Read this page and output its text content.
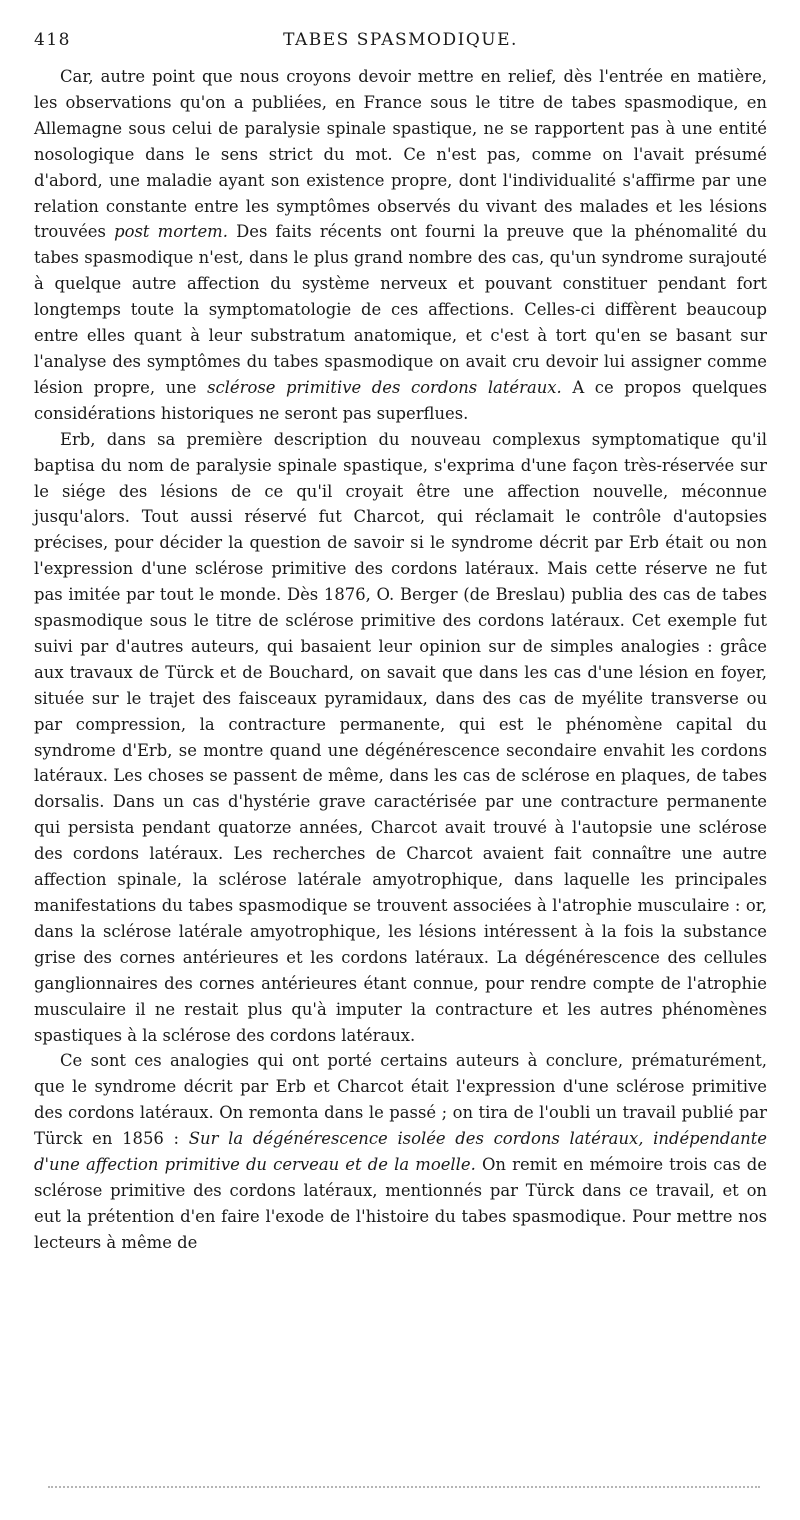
418	TABES SPASMODIQUE.

Car, autre point que nous croyons devoir mettre en relief, dès l'entrée en matière, les observations qu'on a publiées, en France sous le titre de tabes spasmodique, en Allemagne sous celui de paralysie spinale spastique, ne se rapportent pas à une entité nosologique dans le sens strict du mot. Ce n'est pas, comme on l'avait présumé d'abord, une maladie ayant son existence propre, dont l'individualité s'affirme par une relation constante entre les symptômes observés du vivant des malades et les lésions trouvées post mortem. Des faits récents ont fourni la preuve que la phénomalité du tabes spasmodique n'est, dans le plus grand nombre des cas, qu'un syndrome surajouté à quelque autre affection du système nerveux et pouvant constituer pendant fort longtemps toute la symptomatologie de ces affections. Celles-ci diffèrent beaucoup entre elles quant à leur substratum anatomique, et c'est à tort qu'en se basant sur l'analyse des symptômes du tabes spasmodique on avait cru devoir lui assigner comme lésion propre, une sclérose primitive des cordons latéraux. A ce propos quelques considérations historiques ne seront pas superflues.

Erb, dans sa première description du nouveau complexus symptomatique qu'il baptisa du nom de paralysie spinale spastique, s'exprima d'une façon très-réservée sur le siége des lésions de ce qu'il croyait être une affection nouvelle, méconnue jusqu'alors. Tout aussi réservé fut Charcot, qui réclamait le contrôle d'autopsies précises, pour décider la question de savoir si le syndrome décrit par Erb était ou non l'expression d'une sclérose primitive des cordons latéraux. Mais cette réserve ne fut pas imitée par tout le monde. Dès 1876, O. Berger (de Breslau) publia des cas de tabes spasmodique sous le titre de sclérose primitive des cordons latéraux. Cet exemple fut suivi par d'autres auteurs, qui basaient leur opinion sur de simples analogies : grâce aux travaux de Türck et de Bouchard, on savait que dans les cas d'une lésion en foyer, située sur le trajet des faisceaux pyramidaux, dans des cas de myélite transverse ou par compression, la contracture permanente, qui est le phénomène capital du syndrome d'Erb, se montre quand une dégénérescence secondaire envahit les cordons latéraux. Les choses se passent de même, dans les cas de sclérose en plaques, de tabes dorsalis. Dans un cas d'hystérie grave caractérisée par une contracture permanente qui persista pendant quatorze années, Charcot avait trouvé à l'autopsie une sclérose des cordons latéraux. Les recherches de Charcot avaient fait connaître une autre affection spinale, la sclérose latérale amyotrophique, dans laquelle les principales manifestations du tabes spasmodique se trouvent associées à l'atrophie musculaire : or, dans la sclérose latérale amyotrophique, les lésions intéressent à la fois la substance grise des cornes antérieures et les cordons latéraux. La dégénérescence des cellules ganglionnaires des cornes antérieures étant connue, pour rendre compte de l'atrophie musculaire il ne restait plus qu'à imputer la contracture et les autres phénomènes spastiques à la sclérose des cordons latéraux.

Ce sont ces analogies qui ont porté certains auteurs à conclure, prématurément, que le syndrome décrit par Erb et Charcot était l'expression d'une sclérose primitive des cordons latéraux. On remonta dans le passé ; on tira de l'oubli un travail publié par Türck en 1856 : Sur la dégénérescence isolée des cordons latéraux, indépendante d'une affection primitive du cerveau et de la moelle. On remit en mémoire trois cas de sclérose primitive des cordons latéraux, mentionnés par Türck dans ce travail, et on eut la prétention d'en faire l'exode de l'histoire du tabes spasmodique. Pour mettre nos lecteurs à même de
